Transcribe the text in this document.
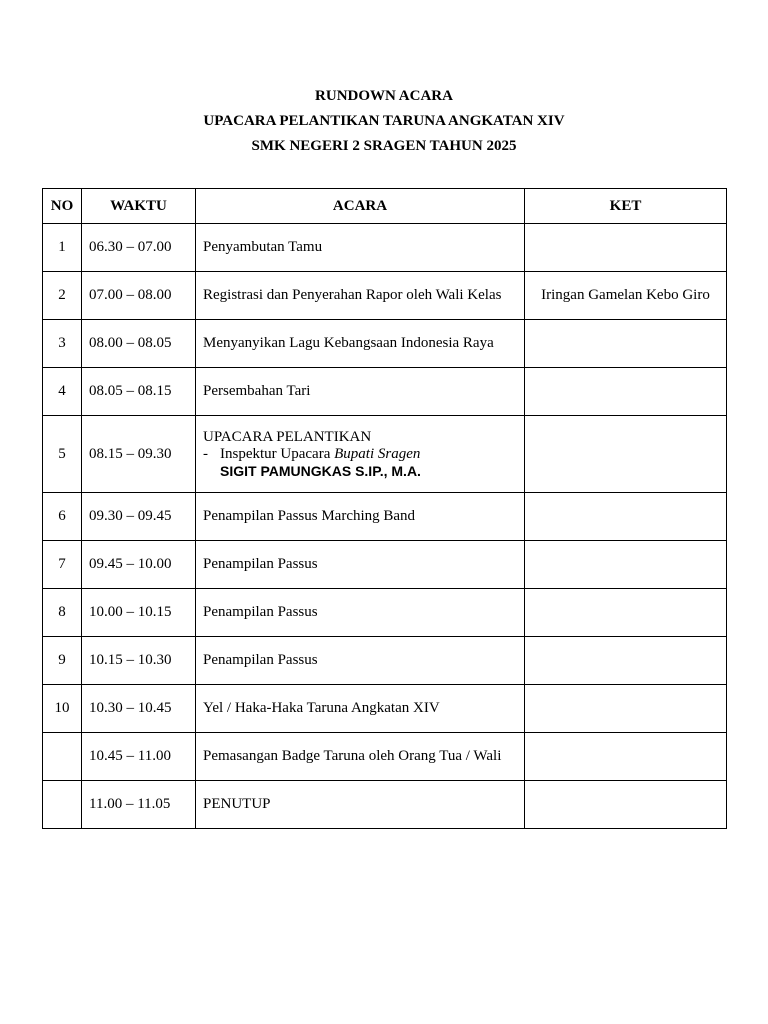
RUNDOWN ACARA
UPACARA PELANTIKAN TARUNA ANGKATAN XIV
SMK NEGERI 2 SRAGEN TAHUN 2025
NO	WAKTU	ACARA	KET
1	06.30 – 07.00	Penyambutan Tamu	
2	07.00 – 08.00	Registrasi dan Penyerahan Rapor oleh Wali Kelas	Iringan Gamelan Kebo Giro
3	08.00 – 08.05	Menyanyikan Lagu Kebangsaan Indonesia Raya	
4	08.05 – 08.15	Persembahan Tari	
5	08.15 – 09.30	UPACARA PELANTIKAN
- Inspektur Upacara Bupati Sragen
SIGIT PAMUNGKAS S.IP., M.A.	

6	09.30 – 09.45	Penampilan Passus Marching Band	
7	09.45 – 10.00	Penampilan Passus	
8	10.00 – 10.15	Penampilan Passus	
9	10.15 – 10.30	Penampilan Passus	
10	10.30 – 10.45	Yel / Haka-Haka Taruna Angkatan XIV	
	10.45 – 11.00	Pemasangan Badge Taruna oleh Orang Tua / Wali	
	11.00 – 11.05	PENUTUP	
